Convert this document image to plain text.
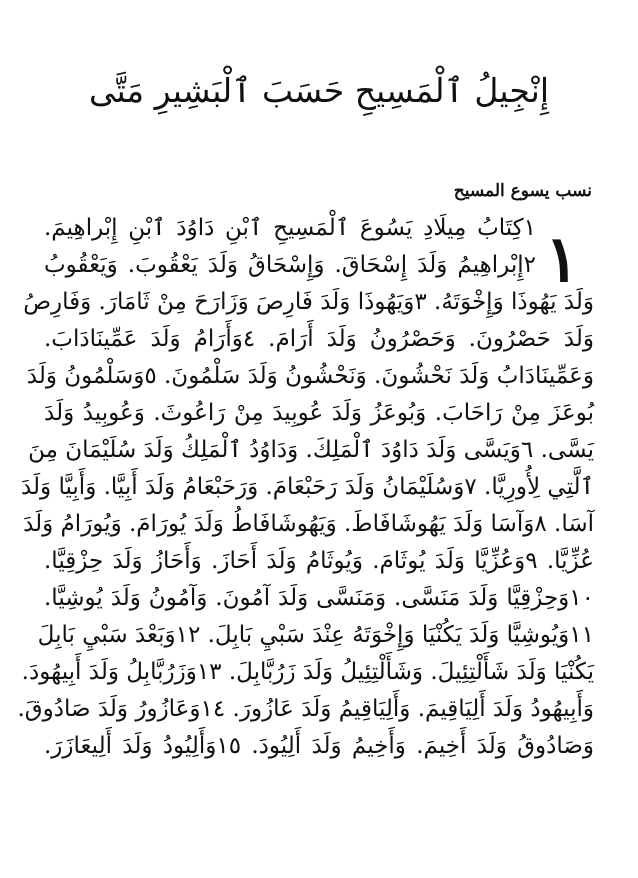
إِنْجِيلُ ٱلْمَسِيحِ حَسَبَ ٱلْبَشِيرِ مَتَّى
نسب يسوع المسيح
١
١كِتَابُ مِيلَادِ يَسُوعَ ٱلْمَسِيحِ ٱبْنِ دَاوُدَ ٱبْنِ إِبْراهِيمَ.
٢إِبْراهِيمُ وَلَدَ إِسْحَاقَ. وَإِسْحَاقُ وَلَدَ يَعْقُوبَ. وَيَعْقُوبُ
وَلَدَ يَهُوذَا وَإِخْوَتَهُ. ٣وَيَهُوذَا وَلَدَ فَارِصَ وَزَارَحَ مِنْ ثَامَارَ. وَفَارِصُ
وَلَدَ حَصْرُونَ. وَحَصْرُونُ وَلَدَ أَرَامَ. ٤وَأَرَامُ وَلَدَ عَمِّينَادَابَ.
وَعَمِّينَادَابُ وَلَدَ نَحْشُونَ. وَنَحْشُونُ وَلَدَ سَلْمُونَ. ٥وَسَلْمُونُ وَلَدَ
بُوعَزَ مِنْ رَاحَابَ. وَبُوعَزُ وَلَدَ عُوبِيدَ مِنْ رَاعُوثَ. وَعُوبِيدُ وَلَدَ
يَسَّى. ٦وَيَسَّى وَلَدَ دَاوُدَ ٱلْمَلِكَ. وَدَاوُدُ ٱلْمَلِكُ وَلَدَ سُلَيْمَانَ مِنَ
ٱلَّتِي لِأُورِيَّا. ٧وَسُلَيْمَانُ وَلَدَ رَحَبْعَامَ. وَرَحَبْعَامُ وَلَدَ أَبِيَّا. وَأَبِيَّا وَلَدَ
آسَا. ٨وَآسَا وَلَدَ يَهُوشَافَاطَ. وَيَهُوشَافَاطُ وَلَدَ يُورَامَ. وَيُورَامُ وَلَدَ
عُزِّيَّا. ٩وَعُزِّيَّا وَلَدَ يُوثَامَ. وَيُوثَامُ وَلَدَ أَحَازَ. وَأَحَازُ وَلَدَ حِزْقِيَّا.
١٠وَحِزْقِيَّا وَلَدَ مَنَسَّى. وَمَنَسَّى وَلَدَ آمُونَ. وَآمُونُ وَلَدَ يُوشِيَّا.
١١وَيُوشِيَّا وَلَدَ يَكُنْيَا وَإِخْوَتَهُ عِنْدَ سَبْيِ بَابِلَ. ١٢وَبَعْدَ سَبْيِ بَابِلَ
يَكُنْيَا وَلَدَ شَأَلْتِئِيلَ. وَشَأَلْتِئِيلُ وَلَدَ زَرُبَّابِلَ. ١٣وَزَرُبَّابِلُ وَلَدَ أَبِيهُودَ.
وَأَبِيهُودُ وَلَدَ أَلِيَاقِيمَ. وَأَلِيَاقِيمُ وَلَدَ عَازُورَ. ١٤وَعَازُورُ وَلَدَ صَادُوقَ.
وَصَادُوقُ وَلَدَ أَخِيمَ. وَأَخِيمُ وَلَدَ أَلِيُودَ. ١٥وَأَلِيُودُ وَلَدَ أَلِيعَازَرَ.
